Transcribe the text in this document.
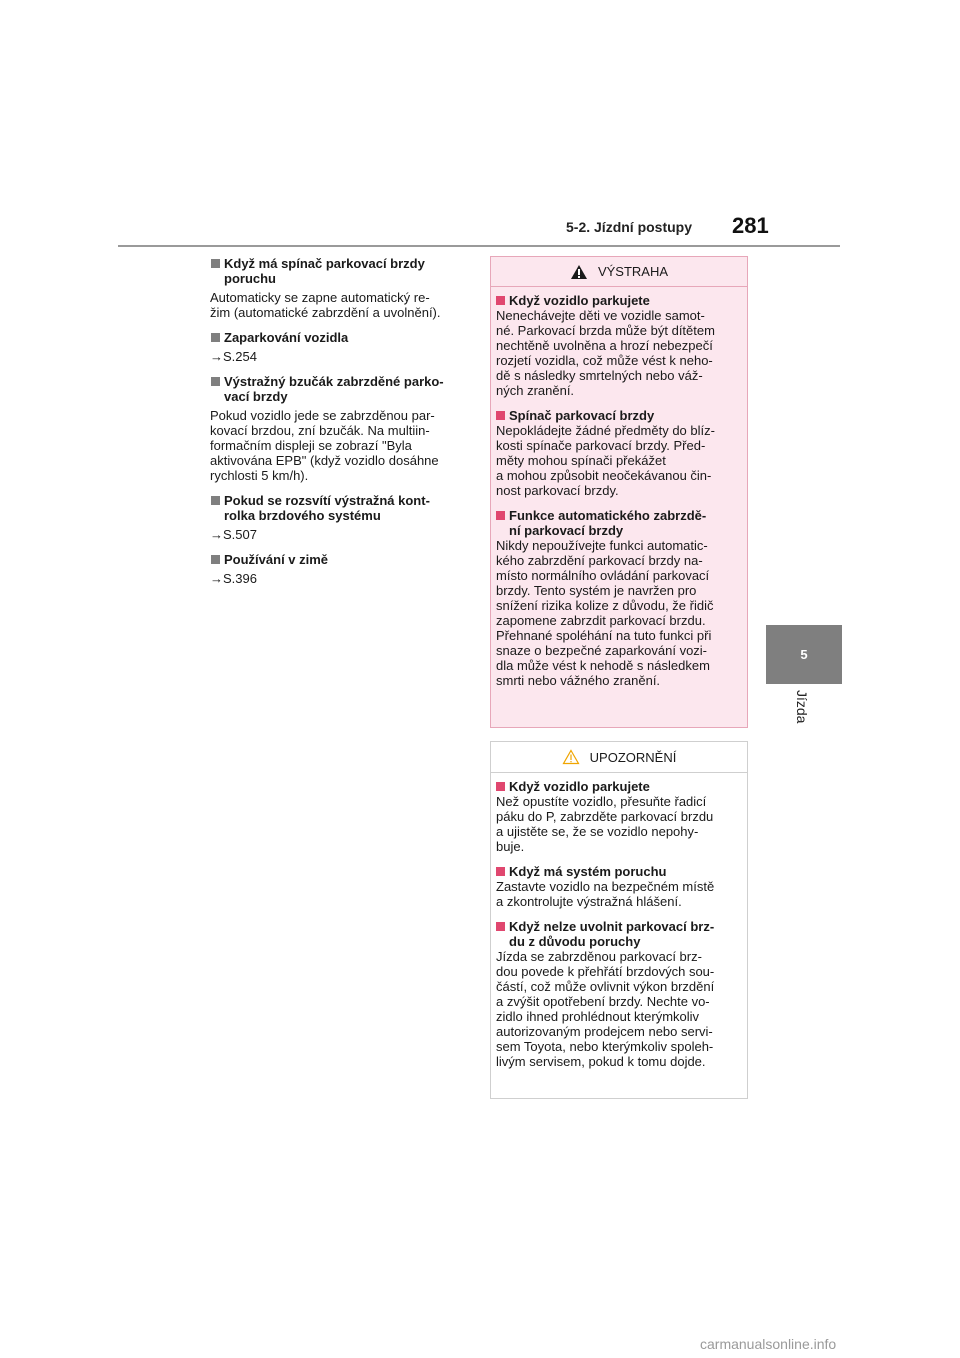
5-2. Jízdní postupy 281
5
Jízda
Když má spínač parkovací brzdy
poruchu
Automaticky se zapne automatický re-
žim (automatické zabrzdění a uvolnění).
Zaparkování vozidla
→S.254
Výstražný bzučák zabrzděné parko-
vací brzdy
Pokud vozidlo jede se zabrzděnou par-
kovací brzdou, zní bzučák. Na multiin-
formačním displeji se zobrazí "Byla
aktivována EPB" (když vozidlo dosáhne
rychlosti 5 km/h).
Pokud se rozsvítí výstražná kont-
rolka brzdového systému
→S.507
Používání v zimě
→S.396
VÝSTRAHA
Když vozidlo parkujete
Nenechávejte děti ve vozidle samot-
né. Parkovací brzda může být dítětem
nechtěně uvolněna a hrozí nebezpečí
rozjetí vozidla, což může vést k neho-
dě s následky smrtelných nebo váž-
ných zranění.
Spínač parkovací brzdy
Nepokládejte žádné předměty do blíz-
kosti spínače parkovací brzdy. Před-
měty mohou spínači překážet
a mohou způsobit neočekávanou čin-
nost parkovací brzdy.
Funkce automatického zabrzdě-
ní parkovací brzdy
Nikdy nepoužívejte funkci automatic-
kého zabrzdění parkovací brzdy na-
místo normálního ovládání parkovací
brzdy. Tento systém je navržen pro
snížení rizika kolize z důvodu, že řidič
zapomene zabrzdit parkovací brzdu.
Přehnané spoléhání na tuto funkci při
snaze o bezpečné zaparkování vozi-
dla může vést k nehodě s následkem
smrti nebo vážného zranění.
UPOZORNĚNÍ
Když vozidlo parkujete
Než opustíte vozidlo, přesuňte řadicí
páku do P, zabrzděte parkovací brzdu
a ujistěte se, že se vozidlo nepohy-
buje.
Když má systém poruchu
Zastavte vozidlo na bezpečném místě
a zkontrolujte výstražná hlášení.
Když nelze uvolnit parkovací brz-
du z důvodu poruchy
Jízda se zabrzděnou parkovací brz-
dou povede k přehřátí brzdových sou-
částí, což může ovlivnit výkon brzdění
a zvýšit opotřebení brzdy. Nechte vo-
zidlo ihned prohlédnout kterýmkoliv
autorizovaným prodejcem nebo servi-
sem Toyota, nebo kterýmkoliv spoleh-
livým servisem, pokud k tomu dojde.
carmanualsonline.info
